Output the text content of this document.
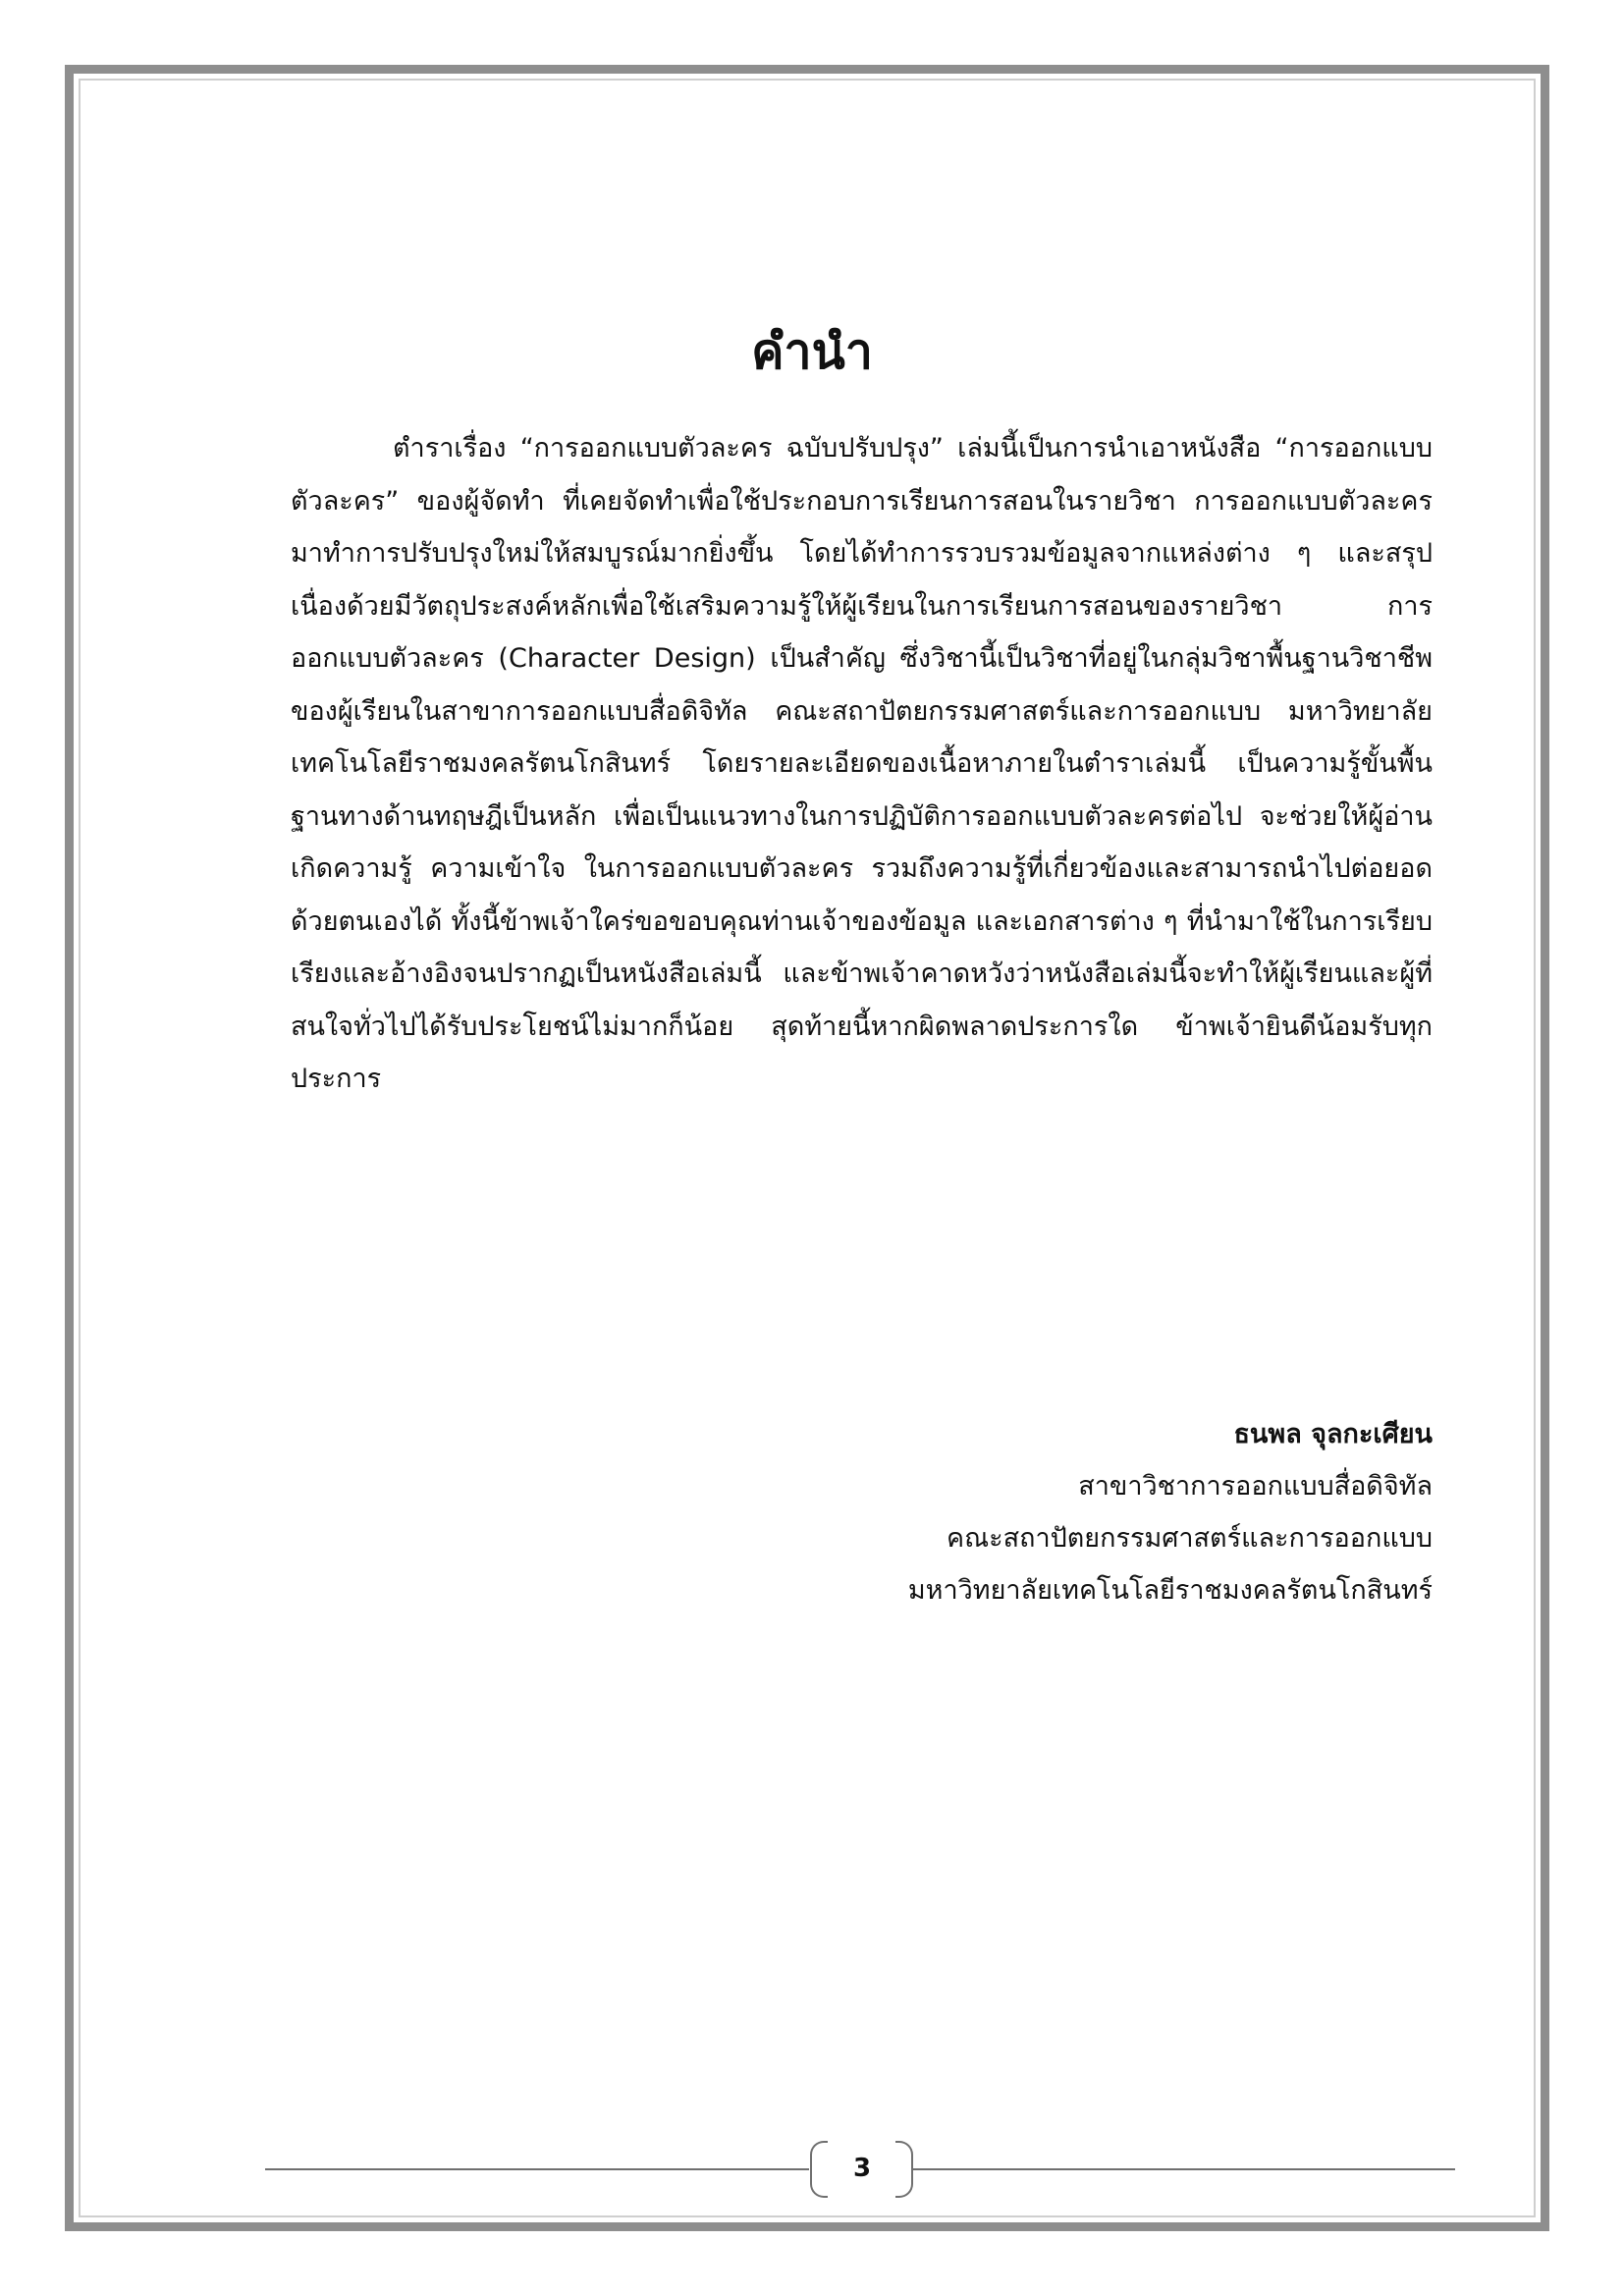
คำนำ

ตำราเรื่อง “การออกแบบตัวละคร ฉบับปรับปรุง” เล่มนี้เป็นการนำเอาหนังสือ “การออกแบบตัวละคร” ของผู้จัดทำ ที่เคยจัดทำเพื่อใช้ประกอบการเรียนการสอนในรายวิชา การออกแบบตัวละคร มาทำการปรับปรุงใหม่ให้สมบูรณ์มากยิ่งขึ้น โดยได้ทำการรวบรวมข้อมูลจากแหล่งต่าง ๆ และสรุป เนื่องด้วยมีวัตถุประสงค์หลักเพื่อใช้เสริมความรู้ให้ผู้เรียนในการเรียนการสอนของรายวิชา การออกแบบตัวละคร (Character Design) เป็นสำคัญ ซึ่งวิชานี้เป็นวิชาที่อยู่ในกลุ่มวิชาพื้นฐานวิชาชีพของผู้เรียนในสาขาการออกแบบสื่อดิจิทัล คณะสถาปัตยกรรมศาสตร์และการออกแบบ มหาวิทยาลัยเทคโนโลยีราชมงคลรัตนโกสินทร์ โดยรายละเอียดของเนื้อหาภายในตำราเล่มนี้ เป็นความรู้ขั้นพื้นฐานทางด้านทฤษฎีเป็นหลัก เพื่อเป็นแนวทางในการปฏิบัติการออกแบบตัวละครต่อไป จะช่วยให้ผู้อ่านเกิดความรู้ ความเข้าใจ ในการออกแบบตัวละคร รวมถึงความรู้ที่เกี่ยวข้องและสามารถนำไปต่อยอดด้วยตนเองได้ ทั้งนี้ข้าพเจ้าใคร่ขอขอบคุณท่านเจ้าของข้อมูล และเอกสารต่าง ๆ ที่นำมาใช้ในการเรียบเรียงและอ้างอิงจนปรากฏเป็นหนังสือเล่มนี้ และข้าพเจ้าคาดหวังว่าหนังสือเล่มนี้จะทำให้ผู้เรียนและผู้ที่สนใจทั่วไปได้รับประโยชน์ไม่มากก็น้อย สุดท้ายนี้หากผิดพลาดประการใด ข้าพเจ้ายินดีน้อมรับทุกประการ

ธนพล จุลกะเศียน
สาขาวิชาการออกแบบสื่อดิจิทัล
คณะสถาปัตยกรรมศาสตร์และการออกแบบ
มหาวิทยาลัยเทคโนโลยีราชมงคลรัตนโกสินทร์
3
